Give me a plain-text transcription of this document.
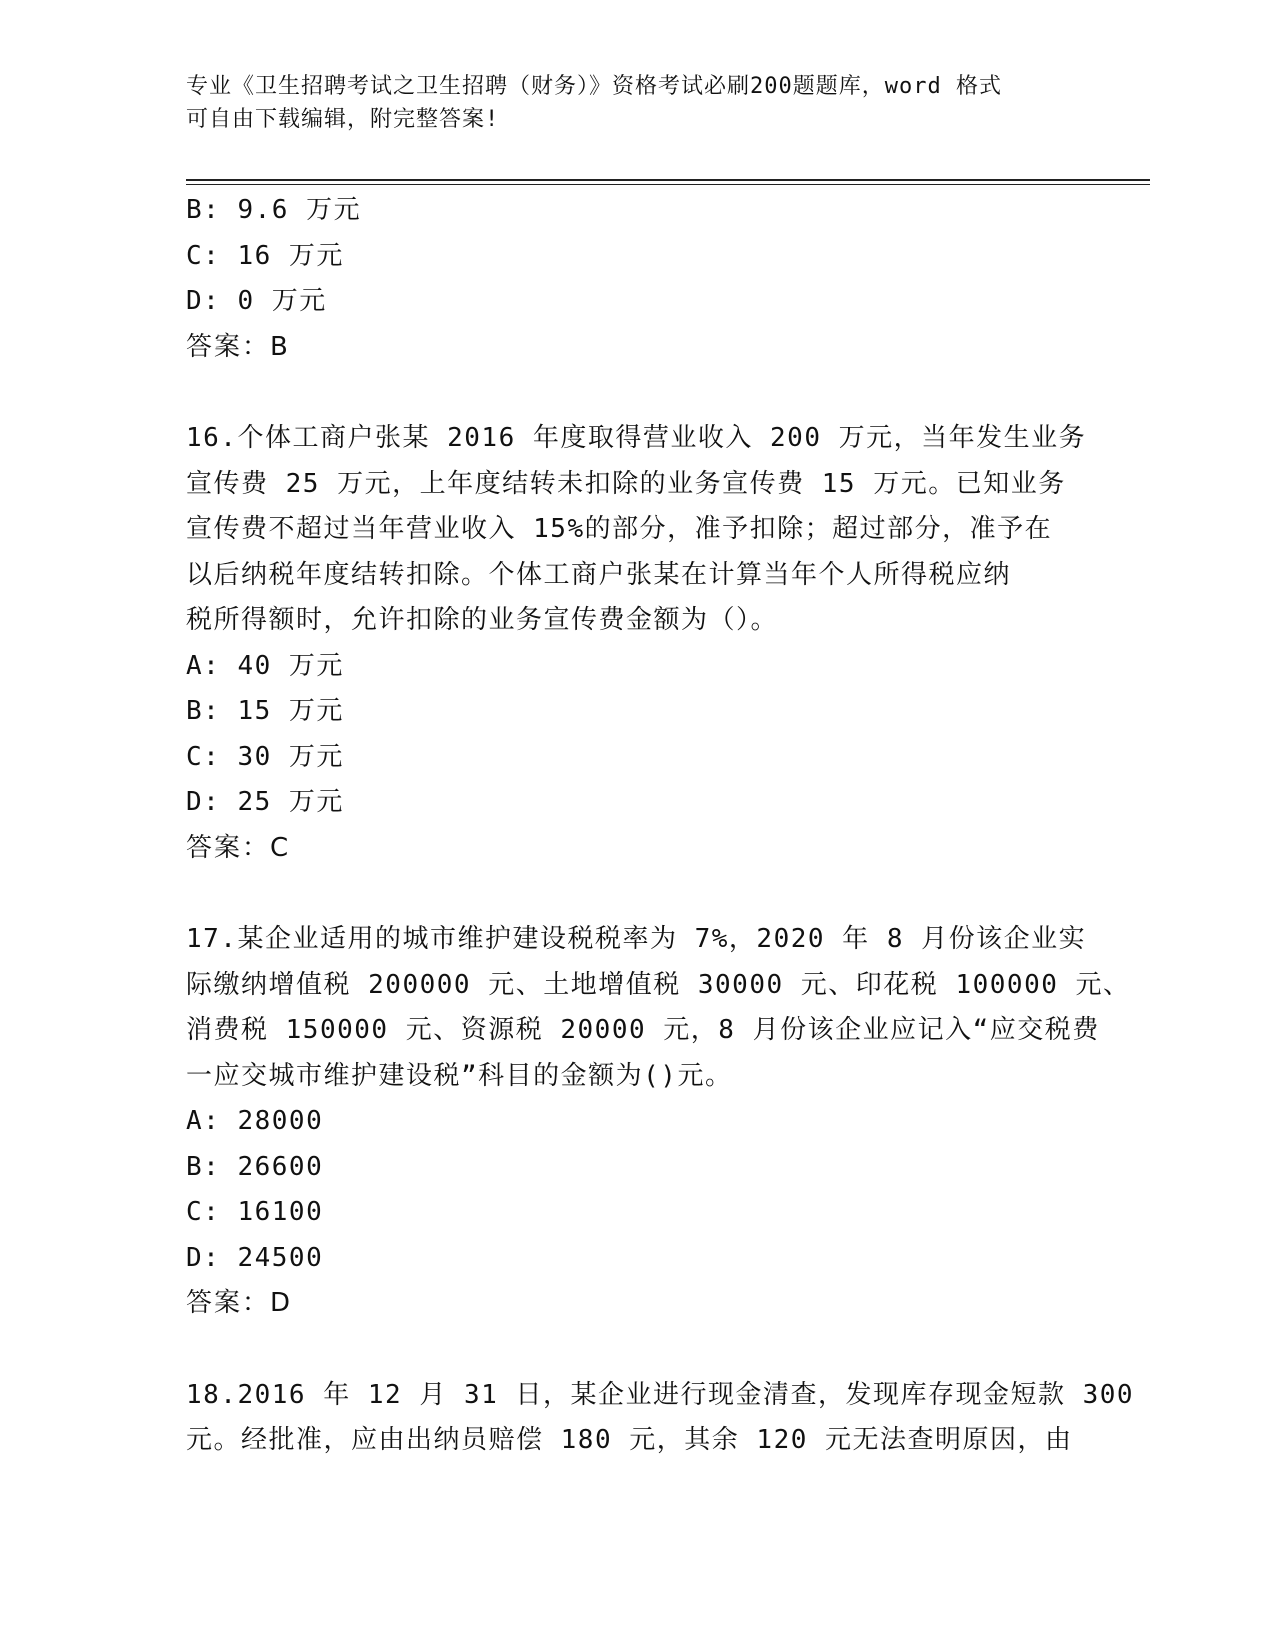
专业《卫生招聘考试之卫生招聘（财务）》资格考试必刷200题题库，word 格式
可自由下载编辑，附完整答案!
B: 9.6 万元
C: 16 万元
D: 0 万元
答案：B
16.个体工商户张某 2016 年度取得营业收入 200 万元，当年发生业务
宣传费 25 万元，上年度结转未扣除的业务宣传费 15 万元。已知业务
宣传费不超过当年营业收入 15%的部分，准予扣除；超过部分，准予在
以后纳税年度结转扣除。个体工商户张某在计算当年个人所得税应纳
税所得额时，允许扣除的业务宣传费金额为（）。
A: 40 万元
B: 15 万元
C: 30 万元
D: 25 万元
答案：C
17.某企业适用的城市维护建设税税率为 7%，2020 年 8 月份该企业实
际缴纳增值税 200000 元、土地增值税 30000 元、印花税 100000 元、
消费税 150000 元、资源税 20000 元，8 月份该企业应记入“应交税费
一应交城市维护建设税”科目的金额为()元。
A: 28000
B: 26600
C: 16100
D: 24500
答案：D
18.2016 年 12 月 31 日，某企业进行现金清查，发现库存现金短款 300
元。经批准，应由出纳员赔偿 180 元，其余 120 元无法查明原因，由
